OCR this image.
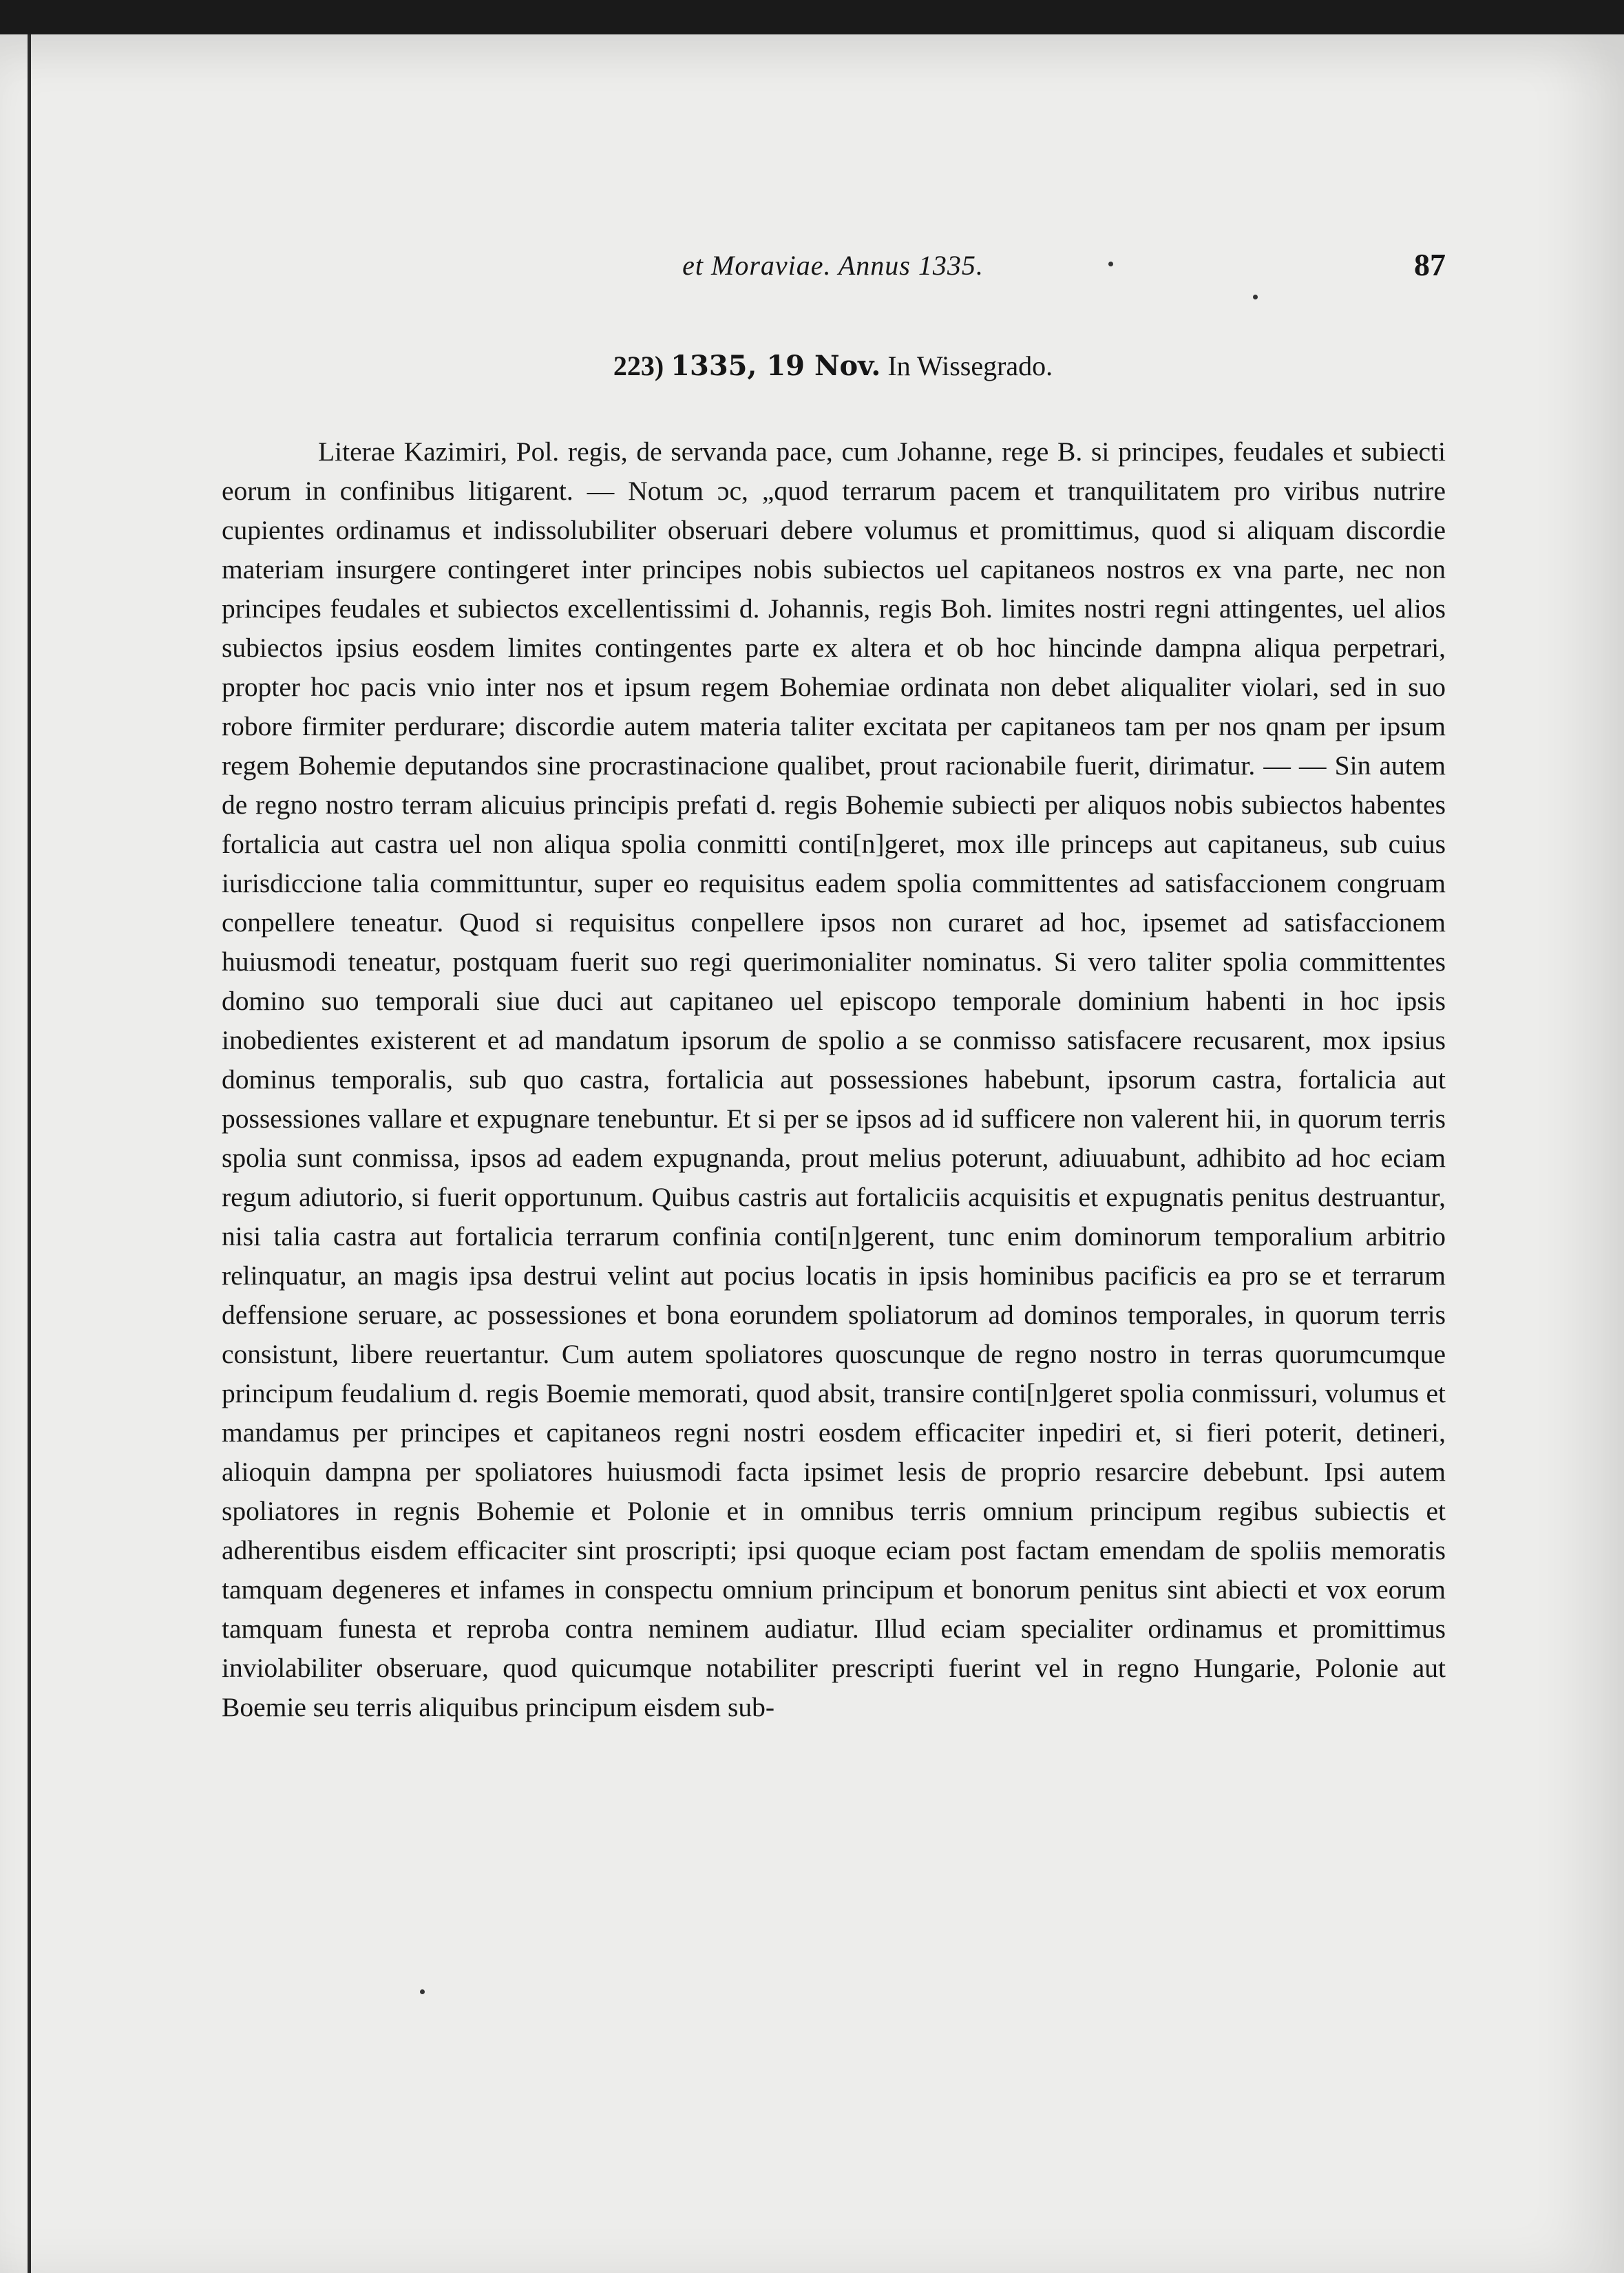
et Moraviae. Annus 1335.	87
223) 1335, 19 Nov. In Wissegrado.

Literae Kazimiri, Pol. regis, de servanda pace, cum Johanne, rege B. si principes, feudales et subiecti eorum in confinibus litigarent. — Notum ɔc, „quod terrarum pacem et tranquilitatem pro viribus nutrire cupientes ordinamus et indissolubiliter obseruari debere volumus et promittimus, quod si aliquam discordie materiam insurgere contingeret inter principes nobis subiectos uel capitaneos nostros ex vna parte, nec non principes feudales et subiectos excellentissimi d. Johannis, regis Boh. limites nostri regni attingentes, uel alios subiectos ipsius eosdem limites contingentes parte ex altera et ob hoc hincinde dampna aliqua perpetrari, propter hoc pacis vnio inter nos et ipsum regem Bohemiae ordinata non debet aliqualiter violari, sed in suo robore firmiter perdurare; discordie autem materia taliter excitata per capitaneos tam per nos qnam per ipsum regem Bohemie deputandos sine procrastinacione qualibet, prout racionabile fuerit, dirimatur. — — Sin autem de regno nostro terram alicuius principis prefati d. regis Bohemie subiecti per aliquos nobis subiectos habentes fortalicia aut castra uel non aliqua spolia conmitti conti[n]geret, mox ille princeps aut capitaneus, sub cuius iurisdiccione talia committuntur, super eo requisitus eadem spolia committentes ad satisfaccionem congruam conpellere teneatur. Quod si requisitus conpellere ipsos non curaret ad hoc, ipsemet ad satisfaccionem huiusmodi teneatur, postquam fuerit suo regi querimonialiter nominatus. Si vero taliter spolia committentes domino suo temporali siue duci aut capitaneo uel episcopo temporale dominium habenti in hoc ipsis inobedientes existerent et ad mandatum ipsorum de spolio a se conmisso satisfacere recusarent, mox ipsius dominus temporalis, sub quo castra, fortalicia aut possessiones habebunt, ipsorum castra, fortalicia aut possessiones vallare et expugnare tenebuntur. Et si per se ipsos ad id sufficere non valerent hii, in quorum terris spolia sunt conmissa, ipsos ad eadem expugnanda, prout melius poterunt, adiuuabunt, adhibito ad hoc eciam regum adiutorio, si fuerit opportunum. Quibus castris aut fortaliciis acquisitis et expugnatis penitus destruantur, nisi talia castra aut fortalicia terrarum confinia conti[n]gerent, tunc enim dominorum temporalium arbitrio relinquatur, an magis ipsa destrui velint aut pocius locatis in ipsis hominibus pacificis ea pro se et terrarum deffensione seruare, ac possessiones et bona eorundem spoliatorum ad dominos temporales, in quorum terris consistunt, libere reuertantur. Cum autem spoliatores quoscunque de regno nostro in terras quorumcumque principum feudalium d. regis Boemie memorati, quod absit, transire conti[n]geret spolia conmissuri, volumus et mandamus per principes et capitaneos regni nostri eosdem efficaciter inpediri et, si fieri poterit, detineri, alioquin dampna per spoliatores huiusmodi facta ipsimet lesis de proprio resarcire debebunt. Ipsi autem spoliatores in regnis Bohemie et Polonie et in omnibus terris omnium principum regibus subiectis et adherentibus eisdem efficaciter sint proscripti; ipsi quoque eciam post factam emendam de spoliis memoratis tamquam degeneres et infames in conspectu omnium principum et bonorum penitus sint abiecti et vox eorum tamquam funesta et reproba contra neminem audiatur. Illud eciam specialiter ordinamus et promittimus inviolabiliter obseruare, quod quicumque notabiliter prescripti fuerint vel in regno Hungarie, Polonie aut Boemie seu terris aliquibus principum eisdem sub-
